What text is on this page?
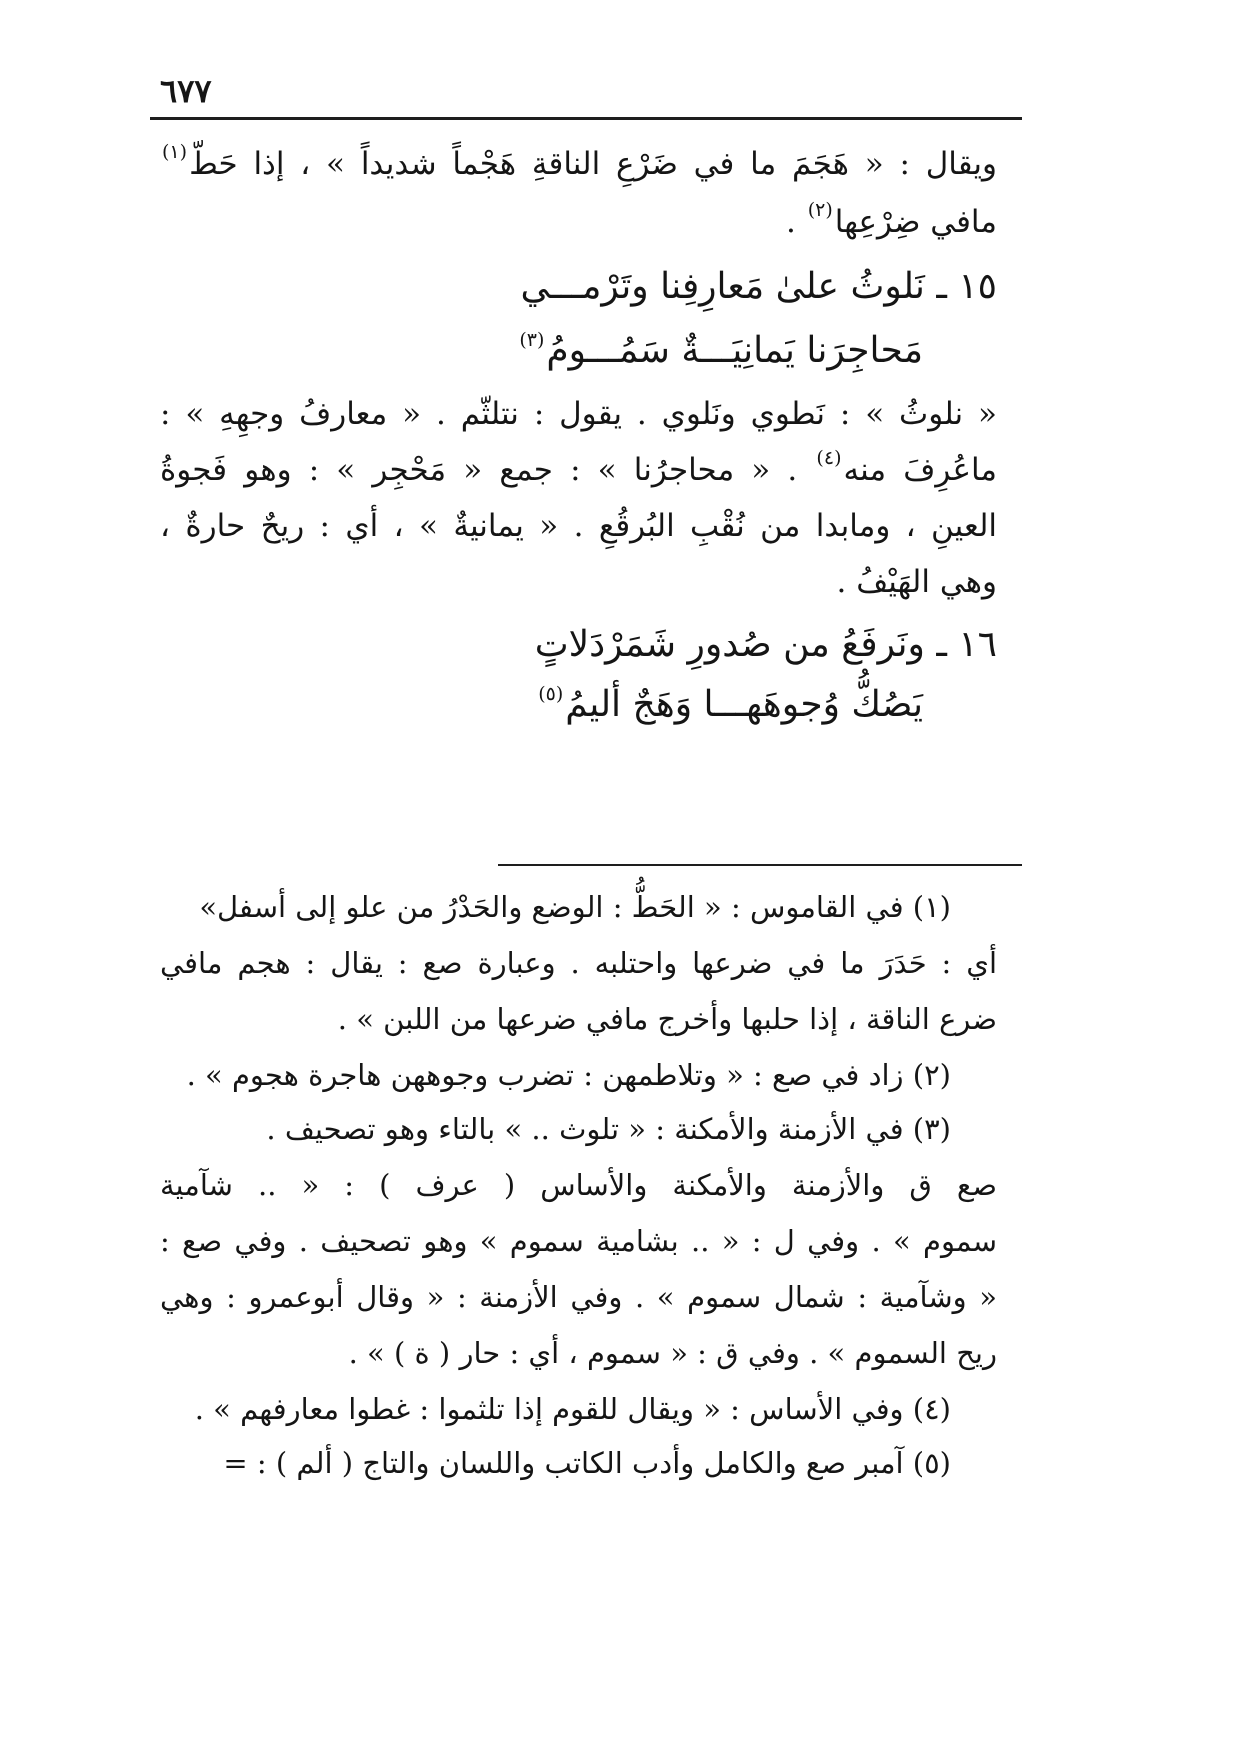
٦٧٧
ويقال : « هَجَمَ ما في ضَرْعِ الناقةِ هَجْماً شديداً » ، إذا حَطّ$^{(١)}$
مافي ضِرْعِها$^{(٢)}$ .
١٥ ـ نَلوثُ علىٰ مَعارِفِنا وتَرْمـــي
مَحاجِرَنا يَمانِيَـــةٌ سَمُـــومُ$^{(٣)}$
« نلوثُ » : نَطوي ونَلوي . يقول : نتلثّم . « معارفُ وجهِهِ » :
ماعُرِفَ منه$^{(٤)}$ . « محاجرُنا » : جمع « مَحْجِر » : وهو فَجوةُ
العينِ ، ومابدا من نُقْبِ البُرقُعِ . « يمانيةٌ » ، أي : ريحٌ حارةٌ ،
وهي الهَيْفُ .
١٦ ـ ونَرفَعُ من صُدورِ شَمَرْدَلاتٍ
يَصُكُّ وُجوهَهـــا وَهَجٌ أليمُ$^{(٥)}$
(١) في القاموس : « الحَطُّ : الوضع والحَدْرُ من علو إلى أسفل»
أي : حَدَرَ ما في ضرعها واحتلبه . وعبارة صع : يقال : هجم مافي
ضرع الناقة ، إذا حلبها وأخرج مافي ضرعها من اللبن » .
(٢) زاد في صع : « وتلاطمهن : تضرب وجوههن هاجرة هجوم » .
(٣) في الأزمنة والأمكنة : « تلوث .. » بالتاء وهو تصحيف .
صع ق والأزمنة والأمكنة والأساس ( عرف ) : « .. شآمية
سموم » . وفي ل : « .. بشامية سموم » وهو تصحيف . وفي صع :
« وشآمية : شمال سموم » . وفي الأزمنة : « وقال أبوعمرو : وهي
ريح السموم » . وفي ق : « سموم ، أي : حار ( ة ) » .
(٤) وفي الأساس : « ويقال للقوم إذا تلثموا : غطوا معارفهم » .
(٥) آمبر صع والكامل وأدب الكاتب واللسان والتاج ( ألم ) : =
